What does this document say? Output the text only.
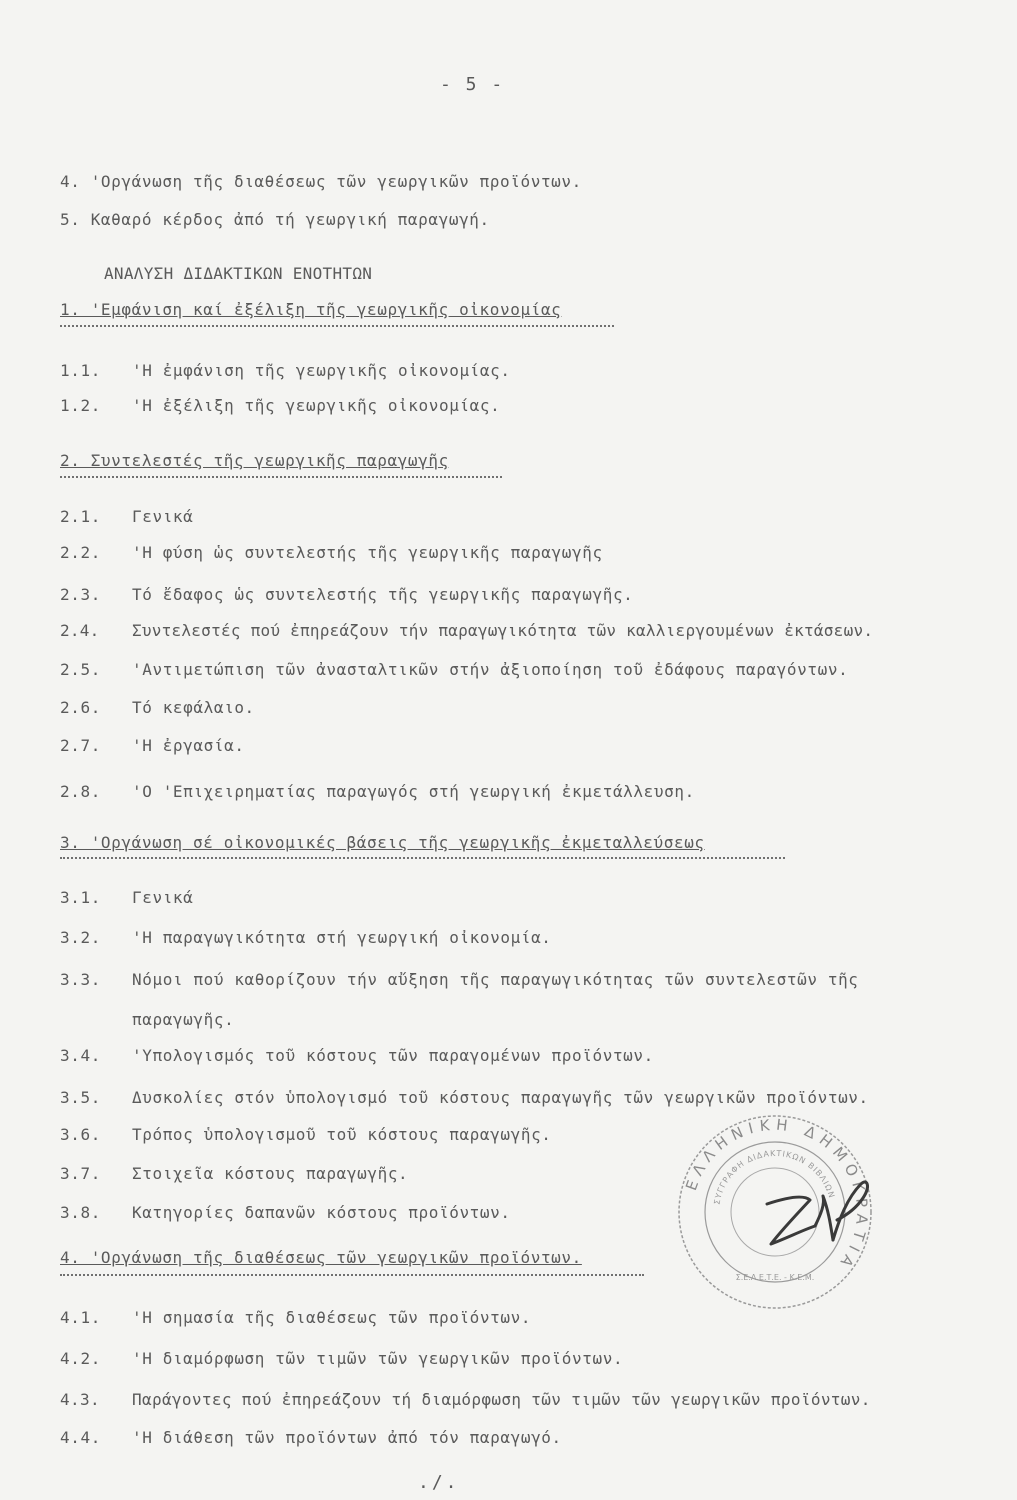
- 5 -
4. 'Οργάνωση τῆς διαθέσεως τῶν γεωργικῶν προϊόντων.
5. Καθαρό κέρδος ἀπό τή γεωργική παραγωγή.
ΑΝΑΛΥΣΗ ΔΙΔΑΚΤΙΚΩΝ ΕΝΟΤΗΤΩΝ
1. 'Εμφάνιση καί ἐξέλιξη τῆς γεωργικῆς οἰκονομίας
1.1. 'Η ἐμφάνιση τῆς γεωργικῆς οἰκονομίας.
1.2. 'Η ἐξέλιξη τῆς γεωργικῆς οἰκονομίας.
2. Συντελεστές τῆς γεωργικῆς παραγωγῆς
2.1. Γενικά
2.2. 'Η φύση ὡς συντελεστής τῆς γεωργικῆς παραγωγῆς
2.3. Τό ἔδαφος ὡς συντελεστής τῆς γεωργικῆς παραγωγῆς.
2.4. Συντελεστές πού ἐπηρεάζουν τήν παραγωγικότητα τῶν καλλιεργουμένων ἐκτάσεων.
2.5. 'Αντιμετώπιση τῶν ἀνασταλτικῶν στήν ἀξιοποίηση τοῦ ἐδάφους παραγόντων.
2.6. Τό κεφάλαιο.
2.7. 'Η ἐργασία.
2.8. 'Ο 'Επιχειρηματίας παραγωγός στή γεωργική ἐκμετάλλευση.
3. 'Οργάνωση σέ οἰκονομικές βάσεις τῆς γεωργικῆς ἐκμεταλλεύσεως
3.1. Γενικά
3.2. 'Η παραγωγικότητα στή γεωργική οἰκονομία.
3.3. Νόμοι πού καθορίζουν τήν αὔξηση τῆς παραγωγικότητας τῶν συντελεστῶν τῆς
παραγωγῆς.
3.4. 'Υπολογισμός τοῦ κόστους τῶν παραγομένων προϊόντων.
3.5. Δυσκολίες στόν ὑπολογισμό τοῦ κόστους παραγωγῆς τῶν γεωργικῶν προϊόντων.
3.6. Τρόπος ὑπολογισμοῦ τοῦ κόστους παραγωγῆς.
3.7. Στοιχεῖα κόστους παραγωγῆς.
3.8. Κατηγορίες δαπανῶν κόστους προϊόντων.
4. 'Οργάνωση τῆς διαθέσεως τῶν γεωργικῶν προϊόντων.
4.1. 'Η σημασία τῆς διαθέσεως τῶν προϊόντων.
4.2. 'Η διαμόρφωση τῶν τιμῶν τῶν γεωργικῶν προϊόντων.
4.3. Παράγοντες πού ἐπηρεάζουν τή διαμόρφωση τῶν τιμῶν τῶν γεωργικῶν προϊόντων.
4.4. 'Η διάθεση τῶν προϊόντων ἀπό τόν παραγωγό.
./.
ΕΛΛΗΝΙΚΗ ΔΗΜΟΚΡΑΤΙΑ
ΣΥΓΓΡΑΦΗ ΔΙΔΑΚΤΙΚΩΝ ΒΙΒΛΙΩΝ
Σ.Ε.Λ.Ε.Τ.Ε. - Κ.Ε.Μ.
